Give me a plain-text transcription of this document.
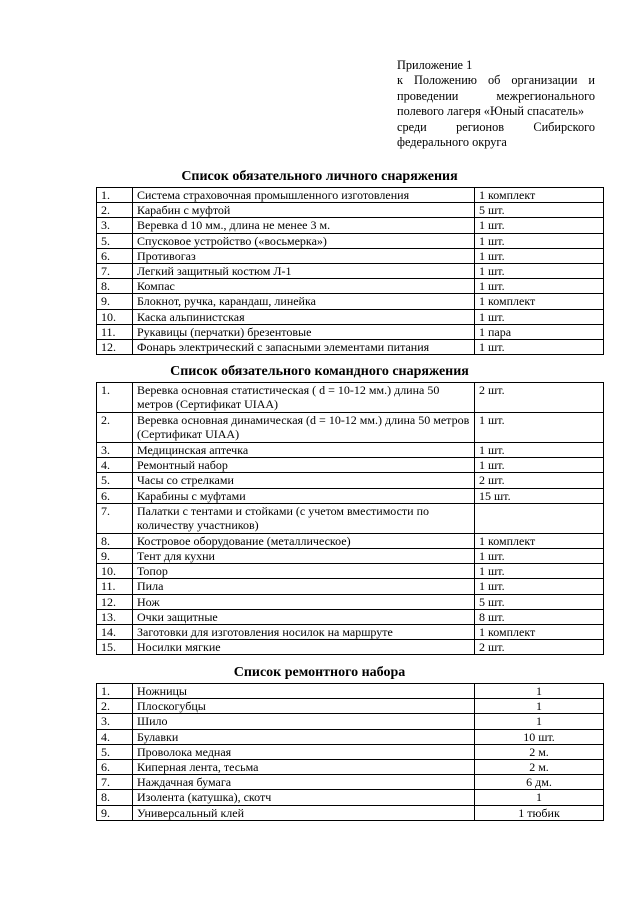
Приложение 1
к Положению об организации и
проведении межрегионального
полевого лагеря «Юный спасатель»
среди регионов Сибирского
федерального округа
Список обязательного личного снаряжения
1.	Система страховочная промышленного изготовления	1 комплект
2.	Карабин с муфтой	5 шт.
3.	Веревка d 10 мм., длина не менее 3 м.	1 шт.
5.	Спусковое устройство («восьмерка»)	1 шт.
6.	Противогаз	1 шт.
7.	Легкий защитный костюм Л-1	1 шт.
8.	Компас	1 шт.
9.	Блокнот, ручка, карандаш, линейка	1 комплект
10.	Каска альпинистская	1 шт.
11.	Рукавицы (перчатки) брезентовые	1 пара
12.	Фонарь электрический с запасными элементами питания	1 шт.
Список обязательного командного снаряжения
1.	Веревка основная статистическая ( d = 10-12 мм.) длина 50 метров (Сертификат UIAA)	2 шт.
2.	Веревка основная динамическая (d = 10-12 мм.) длина 50 метров (Сертификат UIAA)	1 шт.
3.	Медицинская аптечка	1 шт.
4.	Ремонтный набор	1 шт.
5.	Часы со стрелками	2 шт.
6.	Карабины с муфтами	15 шт.
7.	Палатки с тентами и стойками (с учетом вместимости по количеству участников)	
8.	Костровое оборудование (металлическое)	1 комплект
9.	Тент для кухни	1 шт.
10.	Топор	1 шт.
11.	Пила	1 шт.
12.	Нож	5 шт.
13.	Очки защитные	8 шт.
14.	Заготовки для изготовления носилок на маршруте	1 комплект
15.	Носилки мягкие	2 шт.
Список ремонтного набора
1.	Ножницы	1
2.	Плоскогубцы	1
3.	Шило	1
4.	Булавки	10 шт.
5.	Проволока медная	2 м.
6.	Киперная лента, тесьма	2 м.
7.	Наждачная бумага	6 дм.
8.	Изолента (катушка), скотч	1
9.	Универсальный клей	1 тюбик
